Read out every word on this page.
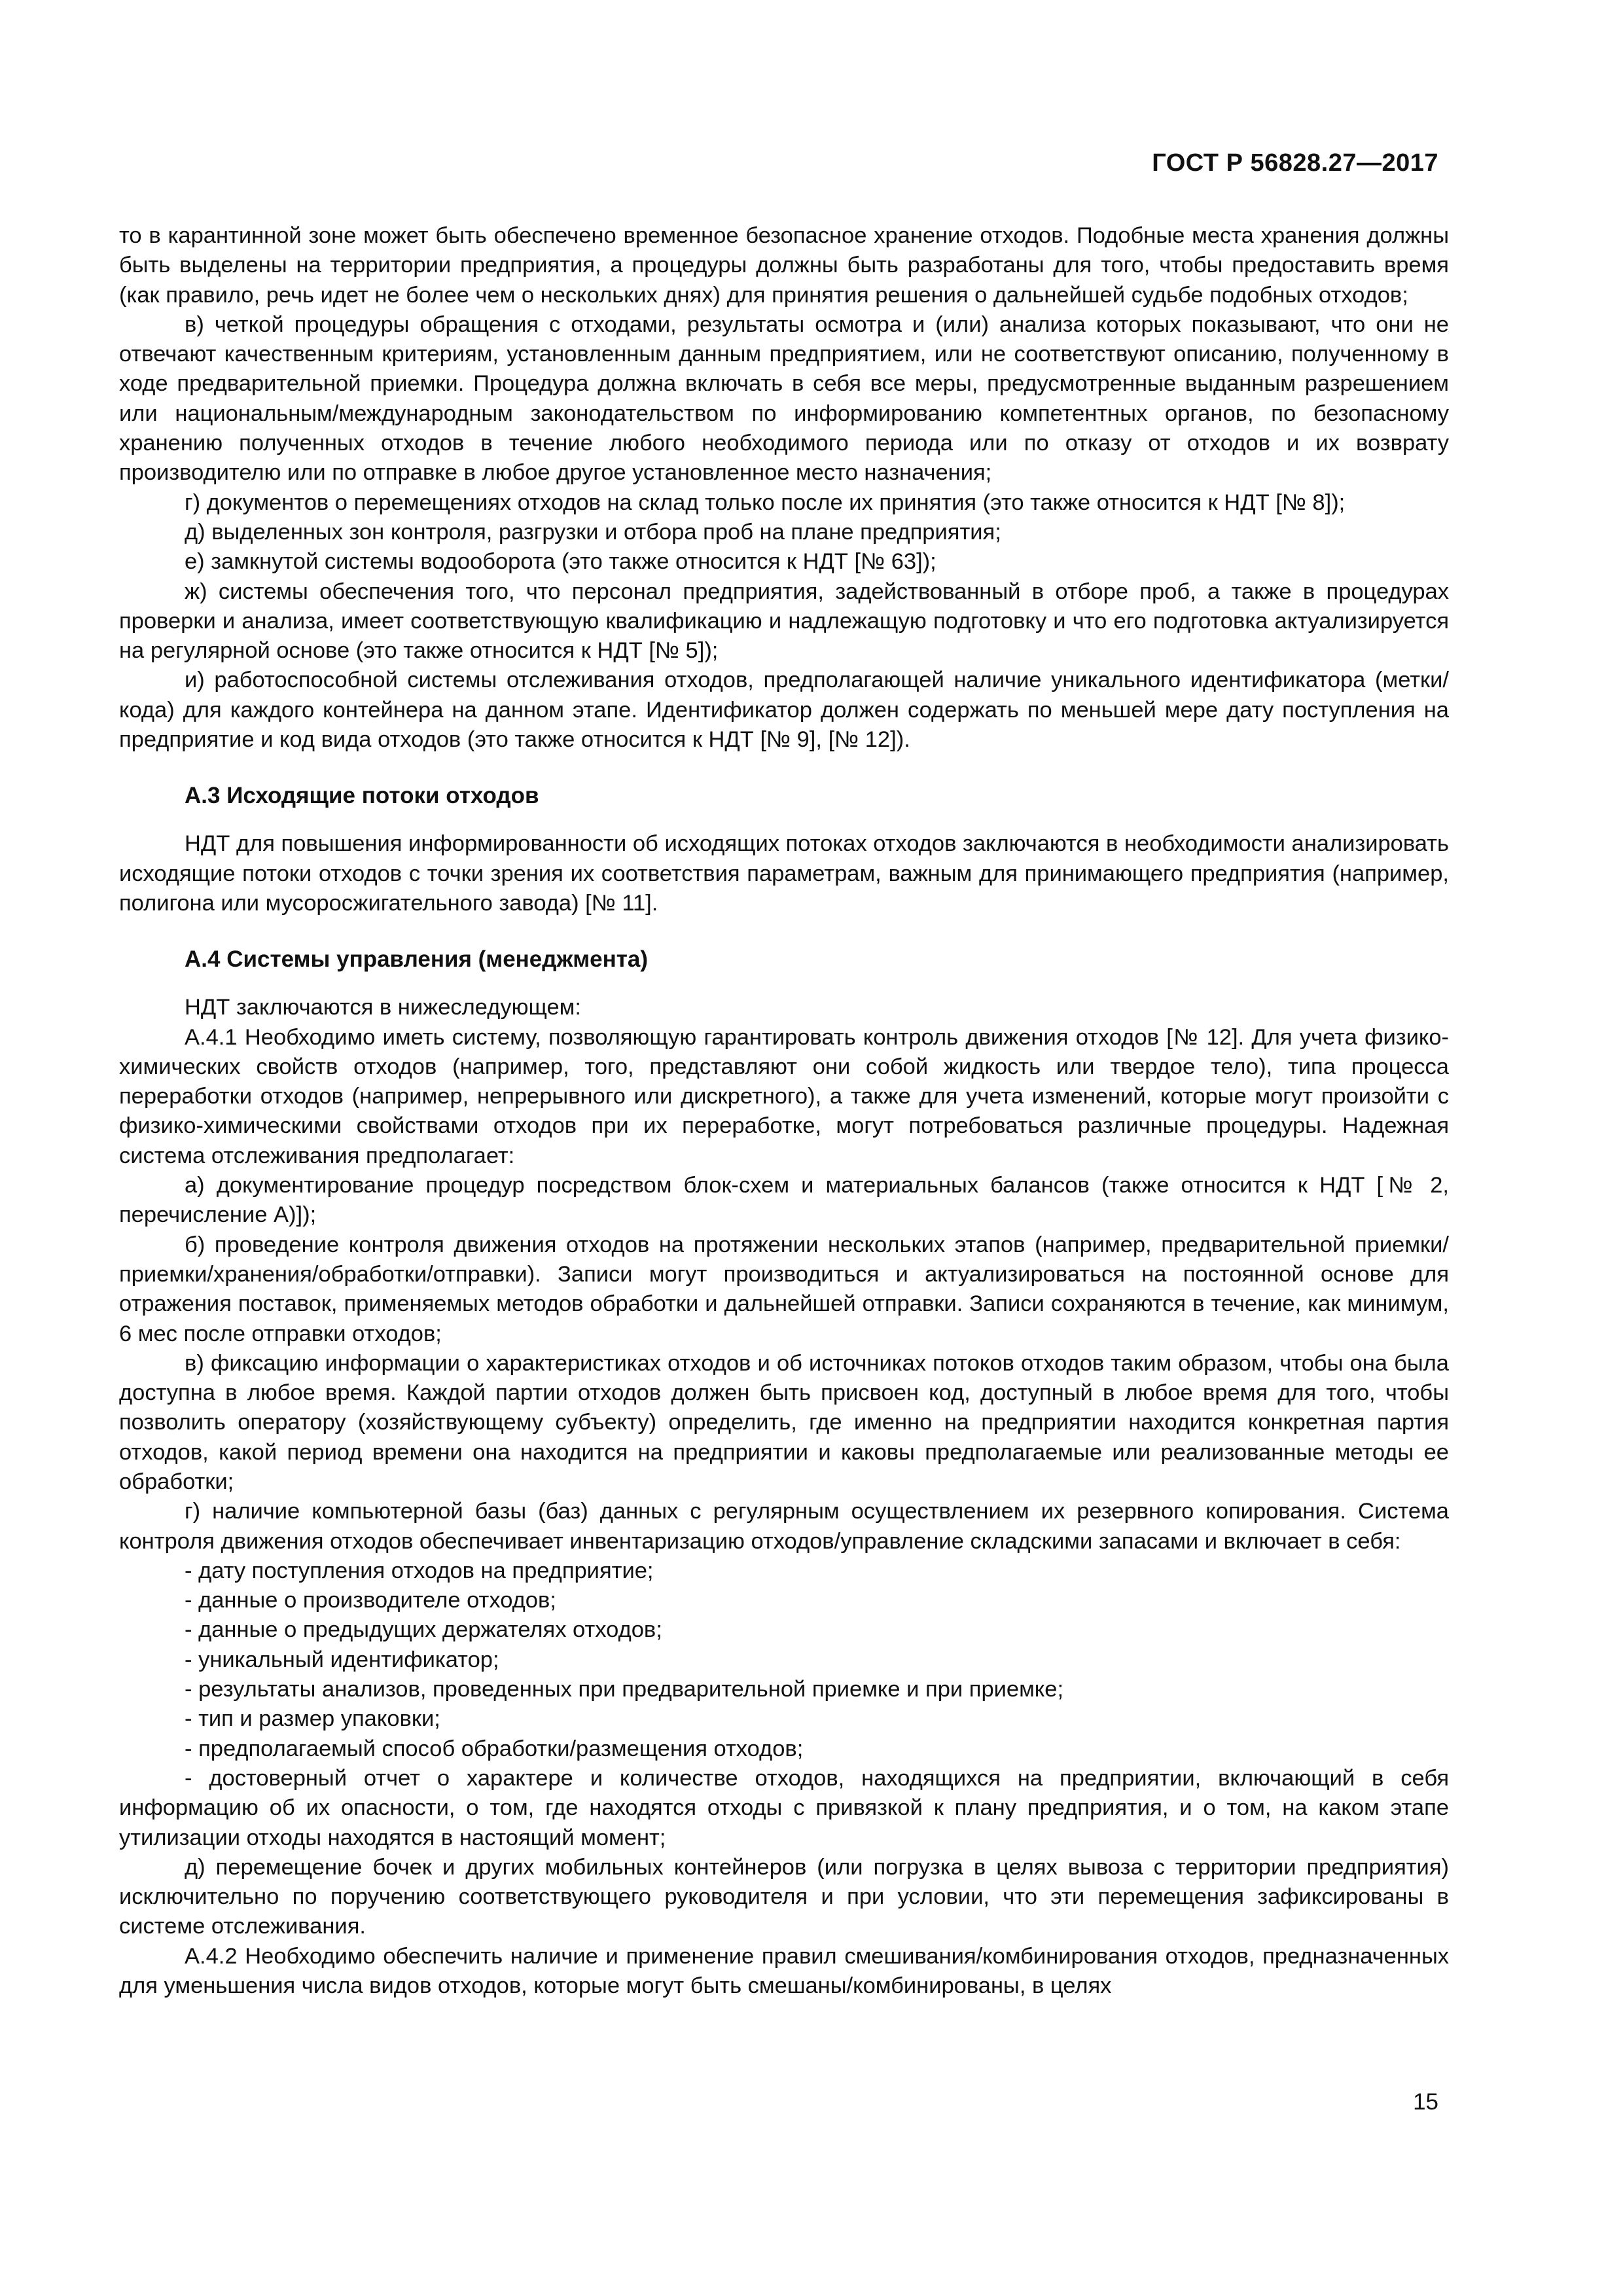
ГОСТ Р 56828.27—2017

то в карантинной зоне может быть обеспечено временное безопасное хранение отходов. Подобные места хранения должны быть выделены на территории предприятия, а процедуры должны быть разработаны для того, чтобы предоставить время (как правило, речь идет не более чем о нескольких днях) для принятия решения о дальнейшей судьбе подобных отходов;

в) четкой процедуры обращения с отходами, результаты осмотра и (или) анализа которых показывают, что они не отвечают качественным критериям, установленным данным предприятием, или не соответствуют описанию, полученному в ходе предварительной приемки. Процедура должна включать в себя все меры, предусмотренные выданным разрешением или национальным/международным законодательством по информированию компетентных органов, по безопасному хранению полученных отходов в течение любого необходимого периода или по отказу от отходов и их возврату производителю или по отправке в любое другое установленное место назначения;

г) документов о перемещениях отходов на склад только после их принятия (это также относится к НДТ [№ 8]);

д) выделенных зон контроля, разгрузки и отбора проб на плане предприятия;

е) замкнутой системы водооборота (это также относится к НДТ [№ 63]);

ж) системы обеспечения того, что персонал предприятия, задействованный в отборе проб, а также в процедурах проверки и анализа, имеет соответствующую квалификацию и надлежащую подготовку и что его подготовка актуализируется на регулярной основе (это также относится к НДТ [№ 5]);

и) работоспособной системы отслеживания отходов, предполагающей наличие уникального идентификатора (метки/кода) для каждого контейнера на данном этапе. Идентификатор должен содержать по меньшей мере дату поступления на предприятие и код вида отходов (это также относится к НДТ [№ 9], [№ 12]).

А.3 Исходящие потоки отходов

НДТ для повышения информированности об исходящих потоках отходов заключаются в необходимости анализировать исходящие потоки отходов с точки зрения их соответствия параметрам, важным для принимающего предприятия (например, полигона или мусоросжигательного завода) [№ 11].

А.4 Системы управления (менеджмента)

НДТ заключаются в нижеследующем:

А.4.1 Необходимо иметь систему, позволяющую гарантировать контроль движения отходов [№ 12]. Для учета физико-химических свойств отходов (например, того, представляют они собой жидкость или твердое тело), типа процесса переработки отходов (например, непрерывного или дискретного), а также для учета изменений, которые могут произойти с физико-химическими свойствами отходов при их переработке, могут потребоваться различные процедуры. Надежная система отслеживания предполагает:

а) документирование процедур посредством блок-схем и материальных балансов (также относится к НДТ [№ 2, перечисление А)]);

б) проведение контроля движения отходов на протяжении нескольких этапов (например, предварительной приемки/приемки/хранения/обработки/отправки). Записи могут производиться и актуализироваться на постоянной основе для отражения поставок, применяемых методов обработки и дальнейшей отправки. Записи сохраняются в течение, как минимум, 6 мес после отправки отходов;

в) фиксацию информации о характеристиках отходов и об источниках потоков отходов таким образом, чтобы она была доступна в любое время. Каждой партии отходов должен быть присвоен код, доступный в любое время для того, чтобы позволить оператору (хозяйствующему субъекту) определить, где именно на предприятии находится конкретная партия отходов, какой период времени она находится на предприятии и каковы предполагаемые или реализованные методы ее обработки;

г) наличие компьютерной базы (баз) данных с регулярным осуществлением их резервного копирования. Система контроля движения отходов обеспечивает инвентаризацию отходов/управление складскими запасами и включает в себя:

- дату поступления отходов на предприятие;

- данные о производителе отходов;

- данные о предыдущих держателях отходов;

- уникальный идентификатор;

- результаты анализов, проведенных при предварительной приемке и при приемке;

- тип и размер упаковки;

- предполагаемый способ обработки/размещения отходов;

- достоверный отчет о характере и количестве отходов, находящихся на предприятии, включающий в себя информацию об их опасности, о том, где находятся отходы с привязкой к плану предприятия, и о том, на каком этапе утилизации отходы находятся в настоящий момент;

д) перемещение бочек и других мобильных контейнеров (или погрузка в целях вывоза с территории предприятия) исключительно по поручению соответствующего руководителя и при условии, что эти перемещения зафиксированы в системе отслеживания.

А.4.2 Необходимо обеспечить наличие и применение правил смешивания/комбинирования отходов, предназначенных для уменьшения числа видов отходов, которые могут быть смешаны/комбинированы, в целях

15
